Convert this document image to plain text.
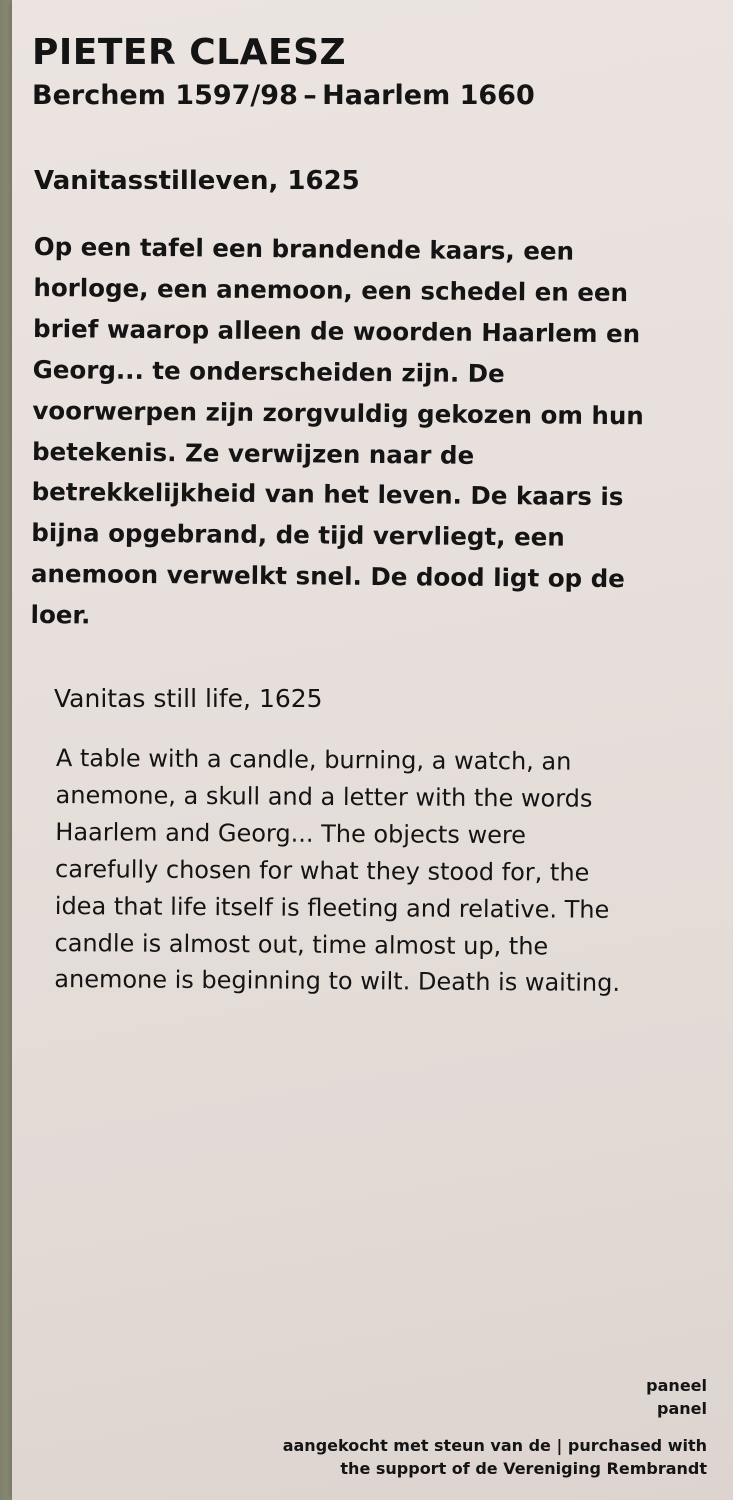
PIETER CLAESZ
Berchem 1597/98 – Haarlem 1660
Vanitasstilleven, 1625
Op een tafel een brandende kaars, een horloge, een anemoon, een schedel en een brief waarop alleen de woorden Haarlem en Georg... te onderscheiden zijn. De voorwerpen zijn zorgvuldig gekozen om hun betekenis. Ze verwijzen naar de betrekkelijkheid van het leven. De kaars is bijna opgebrand, de tijd vervliegt, een anemoon verwelkt snel. De dood ligt op de loer.
Vanitas still life, 1625
A table with a candle, burning, a watch, an anemone, a skull and a letter with the words Haarlem and Georg... The objects were carefully chosen for what they stood for, the idea that life itself is fleeting and relative. The candle is almost out, time almost up, the anemone is beginning to wilt. Death is waiting.
paneel
panel
aangekocht met steun van de | purchased with
the support of de Vereniging Rembrandt
